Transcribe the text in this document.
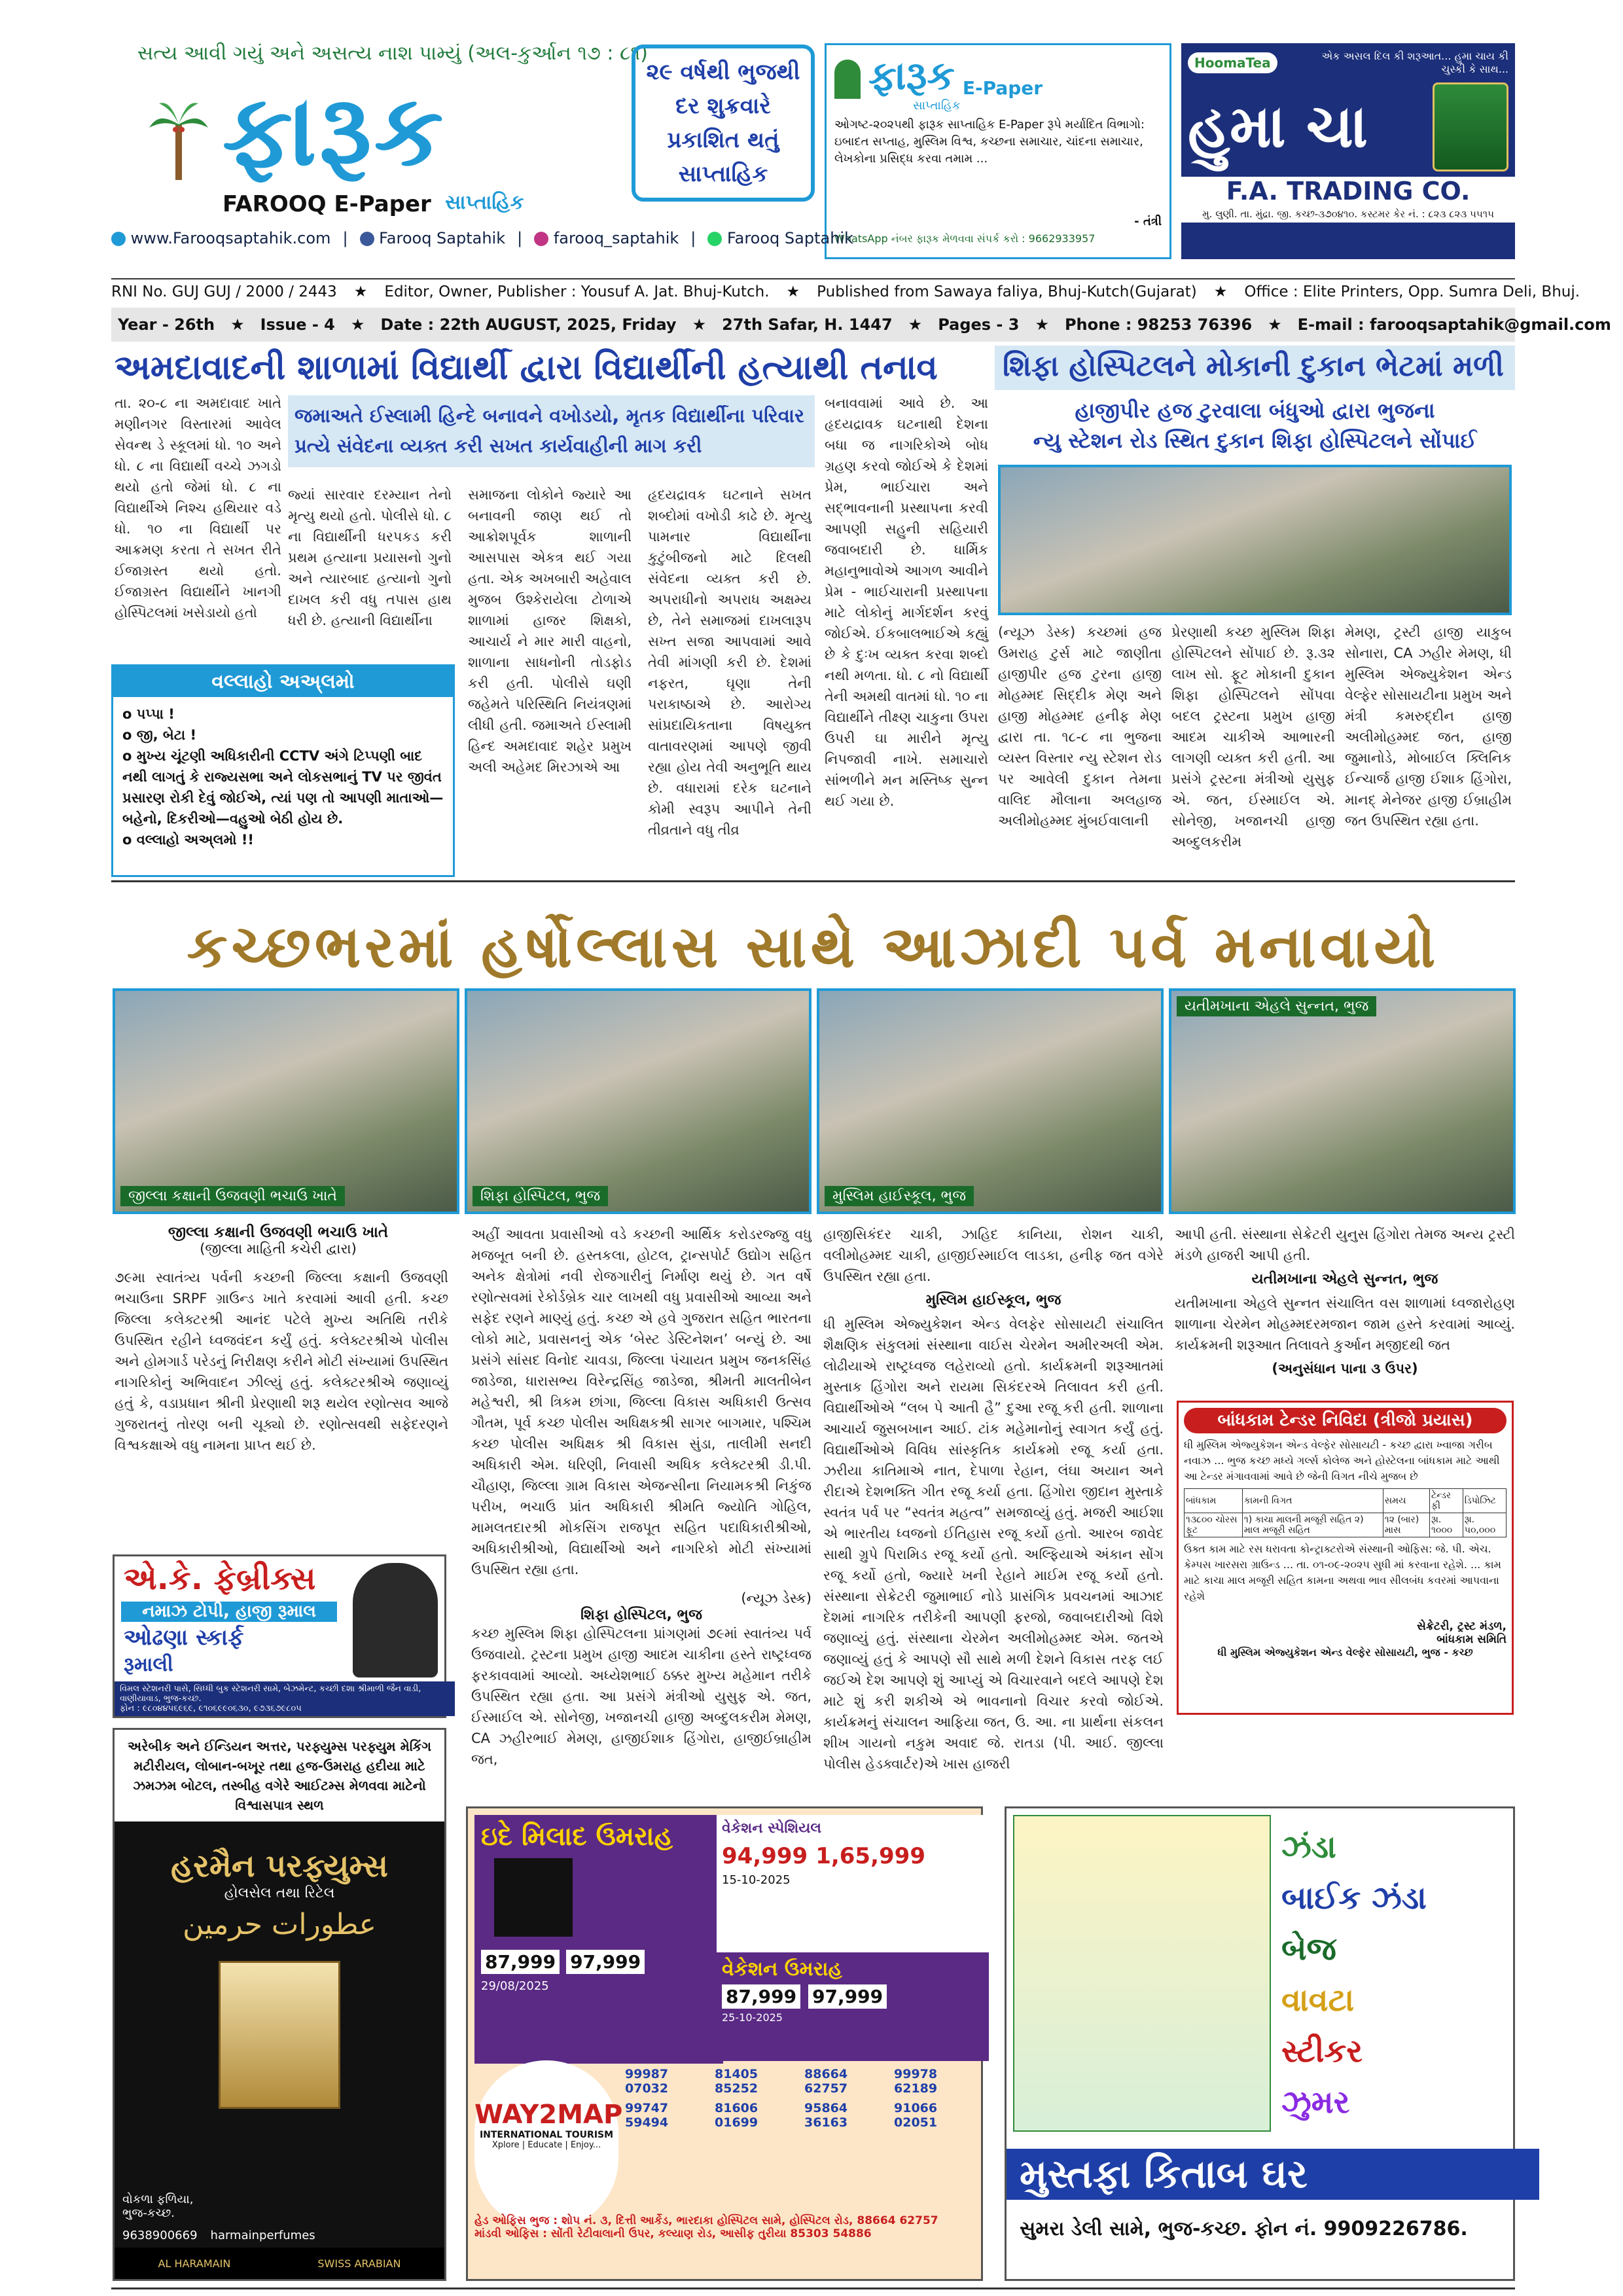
સત્ય આવી ગયું અને અસત્ય નાશ પામ્યું (અલ-કુર્આન ૧૭ : ૮૧)
ફારૂક
FAROOQ E-Paper સાપ્તાહિક
૨૯ વર્ષથી ભુજથી દર શુક્રવારે પ્રકાશિત થતું સાપ્તાહિક
ફારૂક E-Paper
સાપ્તાહિક
ઓગષ્ટ-૨૦૨૫થી ફારૂક સાપ્તાહિક E-Paper રૂપે મર્યાદિત વિભાગો: ઇબાદત સપ્તાહ, મુસ્લિમ વિશ્વ, કચ્છના સમાચાર, ચાંદના સમાચાર, લેખકોના પ્રસિદ્ધ કરવા તમામ ...
- તંત્રી
WhatsApp નંબર ફારૂક મેળવવા સંપર્ક કરો : 9662933957
HoomaTea	એક અસલ દિલ કી શરૂઆત... હુમા ચાય કી ચુસ્કી કે સાથ...
હુમા ચા
F.A. TRADING CO.
મુ. લુણી. તા. મુંદ્રા. જી. કચ્છ-૩૭૦૪૧૦. કસ્ટમર કેર નં. : ૮૨૩ ૮૨૩ ૫૫૧૫
www.Farooqsaptahik.com |	Farooq Saptahik |	farooq_saptahik |	Farooq Saptahik
RNI No. GUJ GUJ / 2000 / 2443 ★ Editor, Owner, Publisher : Yousuf A. Jat. Bhuj-Kutch. ★ Published from Sawaya faliya, Bhuj-Kutch(Gujarat) ★ Office : Elite Printers, Opp. Sumra Deli, Bhuj.
Year - 26th ★ Issue - 4 ★ Date : 22th AUGUST, 2025, Friday ★ 27th Safar, H. 1447 ★ Pages - 3 ★ Phone : 98253 76396 ★ E-mail : farooqsaptahik@gmail.com
અમદાવાદની શાળામાં વિદ્યાર્થી દ્વારા વિદ્યાર્થીની હત્યાથી તનાવ
તા. ૨૦-૮ ના અમદાવાદ ખાતે મણીનગર વિસ્તારમાં આવેલ સેવન્થ ડે સ્કૂલમાં ધો. ૧૦ અને ધો. ૮ ના વિદ્યાર્થી વચ્ચે ઝગડો થયો હતો જેમાં ધો. ૮ ના વિદ્યાર્થીએ નિશ્ચ હથિયાર વડે ધો. ૧૦ ના વિદ્યાર્થી પર આક્રમણ કરતા તે સખત રીતે ઈજાગ્રસ્ત થયો હતો. ઈજાગ્રસ્ત વિદ્યાર્થીને ખાનગી હોસ્પિટલમાં ખસેડાયો હતો
જમાઅતે ઈસ્લામી હિન્દે બનાવને વખોડયો, મૃતક વિદ્યાર્થીના પરિવાર પ્રત્યે સંવેદના વ્યક્ત કરી સખત કાર્યવાહીની માગ કરી
જ્યાં સારવાર દરમ્યાન તેનો મૃત્યુ થયો હતો. પોલીસે ધો. ૮ ના વિદ્યાર્થીની ધરપકડ કરી પ્રથમ હત્યાના પ્રયાસનો ગુનો અને ત્યારબાદ હત્યાનો ગુનો દાખલ કરી વધુ તપાસ હાથ ધરી છે. હત્યાની વિદ્યાર્થીના
સમાજના લોકોને જ્યારે આ બનાવની જાણ થઈ તો આક્રોશપૂર્વક શાળાની આસપાસ એકત્ર થઈ ગયા હતા. એક અખબારી અહેવાલ મુજબ ઉશ્કેરાયેલા ટોળાએ શાળામાં હાજર શિક્ષકો, આચાર્ય ને માર મારી વાહનો, શાળાના સાધનોની તોડફોડ કરી હતી. પોલીસે ઘણી જહેમતે પરિસ્થિતિ નિયંત્રણમાં લીધી હતી. જમાઅતે ઈસ્લામી હિન્દ અમદાવાદ શહેર પ્રમુખ અલી અહેમદ મિરઝાએ આ
હૃદયદ્રાવક ઘટનાને સખત શબ્દોમાં વખોડી કાઢે છે. મૃત્યુ પામનાર વિદ્યાર્થીના કુટુંબીજનો માટે દિલથી સંવેદના વ્યક્ત કરી છે. અપરાધીનો અપરાધ અક્ષમ્ય છે, તેને સમાજમાં દાખલારૂપ સખ્ત સજા આપવામાં આવે તેવી માંગણી કરી છે. દેશમાં નફરત, ઘૃણા તેની પરાકાષ્ઠાએ છે. આરોગ્ય સાંપ્રદાયિકતાના વિષયુક્ત વાતાવરણમાં આપણે જીવી રહ્યા હોય તેવી અનુભૂતિ થાય છે. વધારામાં દરેક ઘટનાને કોમી સ્વરૂપ આપીને તેની તીવ્રતાને વધુ તીવ્ર
બનાવવામાં આવે છે. આ હૃદયદ્રાવક ઘટનાથી દેશના બધા જ નાગરિકોએ બોધ ગ્રહણ કરવો જોઈએ કે દેશમાં પ્રેમ, ભાઈચારા અને સદ્ભાવનાની પ્રસ્થાપના કરવી આપણી સહુની સહિયારી જવાબદારી છે. ધાર્મિક મહાનુભાવોએ આગળ આવીને પ્રેમ - ભાઈચારાની પ્રસ્થાપના માટે લોકોનું માર્ગદર્શન કરવું જોઈએ. ઈકબાલભાઈએ કહ્યું છે કે દુઃખ વ્યક્ત કરવા શબ્દો નથી મળતા. ધો. ૮ નો વિદ્યાર્થી તેની અમથી વાતમાં ધો. ૧૦ ના વિદ્યાર્થીને તીક્ષ્ણ ચાકુના ઉપરા ઉપરી ઘા મારીને મૃત્યુ નિપજાવી નાખે. સમાચારો સાંભળીને મન મસ્તિષ્ક સુન્ન થઈ ગયા છે.
વલ્લાહો અઅ્લમો
o પપ્પા !
o જી, બેટા !
o મુખ્ય ચૂંટણી અધિકારીની CCTV અંગે ટિપ્પણી બાદ નથી લાગતું કે રાજ્યસભા અને લોકસભાનું TV પર જીવંત પ્રસારણ રોકી દેવું જોઈએ, ત્યાં પણ તો આપણી માતાઓ—બહેનો, દિકરીઓ—વહુઓ બેઠી હોય છે.
o વલ્લાહો અઅ્લમો !!
શિફા હોસ્પિટલને મોકાની દુકાન ભેટમાં મળી
હાજીપીર હજ ટુરવાલા બંધુઓ દ્વારા ભુજના
ન્યુ સ્ટેશન રોડ સ્થિત દુકાન શિફા હોસ્પિટલને સોંપાઈ
(ન્યૂઝ ડેસ્ક) કચ્છમાં હજ ઉમરાહ ટુર્સ માટે જાણીતા હાજીપીર હજ ટુરના હાજી મોહમ્મદ સિદ્દીક મેણ અને હાજી મોહમ્મદ હનીફ મેણ દ્વારા તા. ૧૮-૮ ના ભુજના વ્યસ્ત વિસ્તાર ન્યુ સ્ટેશન રોડ પર આવેલી દુકાન તેમના વાલિદ મૌલાના અલહાજ અલીમોહમ્મદ મુંબઈવાલાની
પ્રેરણાથી કચ્છ મુસ્લિમ શિફા હોસ્પિટલને સોંપાઈ છે. રૂ.૩૨ લાખ સો. ફૂટ મોકાની દુકાન શિફા હોસ્પિટલને સોંપવા બદલ ટ્રસ્ટના પ્રમુખ હાજી આદમ ચાકીએ આભારની લાગણી વ્યક્ત કરી હતી. આ પ્રસંગે ટ્રસ્ટના મંત્રીઓ યુસુફ એ. જત, ઈસ્માઈલ એ. સોનેજી, ખજાનચી હાજી અબ્દુલકરીમ
મેમણ, ટ્રસ્ટી હાજી યાકુબ સોનારા, CA ઝહીર મેમણ, ધી મુસ્લિમ એજ્યુકેશન એન્ડ વેલ્ફેર સોસાયટીના પ્રમુખ અને મંત્રી કમરુદ્દીન હાજી અલીમોહમ્મદ જત, હાજી જુમાનોડે, મોબાઈલ ક્લિનિક ઈન્ચાર્જ હાજી ઈશાક હિંગોરા, માનદ્ મેનેજર હાજી ઈબ્રાહીમ જત ઉપસ્થિત રહ્યા હતા.
કચ્છભરમાં હર્ષોલ્લાસ સાથે આઝાદી પર્વ મનાવાયો
જીલ્લા કક્ષાની ઉજવણી ભચાઉ ખાતે	શિફા હોસ્પિટલ, ભુજ	મુસ્લિમ હાઈસ્કૂલ, ભુજ
યતીમખાના એહલે સુન્નત, ભુજ
જીલ્લા કક્ષાની ઉજવણી ભચાઉ ખાતે
(જીલ્લા માહિતી કચેરી દ્વારા)
૭૯મા સ્વાતંત્ર્ય પર્વની કચ્છની જિલ્લા કક્ષાની ઉજવણી ભચાઉના SRPF ગ્રાઉન્ડ ખાતે કરવામાં આવી હતી. કચ્છ જિલ્લા કલેક્ટરશ્રી આનંદ પટેલે મુખ્ય અતિથિ તરીકે ઉપસ્થિત રહીને ધ્વજવંદન કર્યું હતું. કલેક્ટરશ્રીએ પોલીસ અને હોમગાર્ડ પરેડનું નિરીક્ષણ કરીને મોટી સંખ્યામાં ઉપસ્થિત નાગરિકોનું અભિવાદન ઝીલ્યું હતું. કલેક્ટરશ્રીએ જણાવ્યું હતું કે, વડાપ્રધાન શ્રીની પ્રેરણાથી શરૂ થયેલ રણોત્સવ આજે ગુજરાતનું તોરણ બની ચૂક્યો છે. રણોત્સવથી સફેદરણને વિશ્વકક્ષાએ વધુ નામના પ્રાપ્ત થઈ છે.
અહીં આવતા પ્રવાસીઓ વડે કચ્છની આર્થિક કરોડરજ્જુ વધુ મજબૂત બની છે. હસ્તકલા, હોટલ, ટ્રાન્સપોર્ટ ઉદ્યોગ સહિત અનેક ક્ષેત્રોમાં નવી રોજગારીનું નિર્માણ થયું છે. ગત વર્ષે રણોત્સવમાં રેકોર્ડબ્રેક ચાર લાખથી વધુ પ્રવાસીઓ આવ્યા અને સફેદ રણને માણ્યું હતું. કચ્છ એ હવે ગુજરાત સહિત ભારતના લોકો માટે, પ્રવાસનનું એક ‘બેસ્ટ ડેસ્ટિનેશન’ બન્યું છે. આ પ્રસંગે સાંસદ વિનોદ ચાવડા, જિલ્લા પંચાયત પ્રમુખ જનકસિંહ જાડેજા, ધારાસભ્ય વિરેન્દ્રસિંહ જાડેજા, શ્રીમતી માલતીબેન મહેશ્વરી, શ્રી ત્રિકમ છાંગા, જિલ્લા વિકાસ અધિકારી ઉત્સવ ગૌતમ, પૂર્વ કચ્છ પોલીસ અધિક્ષકશ્રી સાગર બાગમાર, પશ્ચિમ કચ્છ પોલીસ અધિક્ષક શ્રી વિકાસ સુંડા, તાલીમી સનદી અધિકારી એમ. ધરિણી, નિવાસી અધિક કલેક્ટરશ્રી ડી.પી. ચૌહાણ, જિલ્લા ગ્રામ વિકાસ એજન્સીના નિયામકશ્રી નિકુંજ પરીખ, ભચાઉ પ્રાંત અધિકારી શ્રીમતિ જ્યોતિ ગોહિલ, મામલતદારશ્રી મોકસિંગ રાજપૂત સહિત પદાધિકારીશ્રીઓ, અધિકારીશ્રીઓ, વિદ્યાર્થીઓ અને નાગરિકો મોટી સંખ્યામાં ઉપસ્થિત રહ્યા હતા.
(ન્યૂઝ ડેસ્ક)
શિફા હોસ્પિટલ, ભુજ
કચ્છ મુસ્લિમ શિફા હોસ્પિટલના પ્રાંગણમાં ૭૯માં સ્વાતંત્ર્ય પર્વ ઉજવાયો. ટ્રસ્ટના પ્રમુખ હાજી આદમ ચાકીના હસ્તે રાષ્ટ્રધ્વજ ફરકાવવામાં આવ્યો. અધ્યેશભાઈ ઠક્કર મુખ્ય મહેમાન તરીકે ઉપસ્થિત રહ્યા હતા. આ પ્રસંગે મંત્રીઓ યુસુફ એ. જત, ઈસ્માઈલ એ. સોનેજી, ખજાનચી હાજી અબ્દુલકરીમ મેમણ, CA ઝહીરભાઈ મેમણ, હાજીઈશાક હિંગોરા, હાજીઈબ્રાહીમ જત,
હાજીસિકંદર ચાકી, ઝાહિદ કાનિયા, રોશન ચાકી, વલીમોહમ્મદ ચાકી, હાજીઈસ્માઈલ લાડકા, હનીફ જત વગેરે ઉપસ્થિત રહ્યા હતા.
મુસ્લિમ હાઈસ્કૂલ, ભુજ
ધી મુસ્લિમ એજ્યુકેશન એન્ડ વેલફેર સોસાયટી સંચાલિત શૈક્ષણિક સંકુલમાં સંસ્થાના વાઈસ ચેરમેન અમીરઅલી એમ. લોઢીયાએ રાષ્ટ્રધ્વજ લહેરાવ્યો હતો. કાર્યક્રમની શરૂઆતમાં મુસ્તાક હિંગોરા અને રાયમા સિકંદરએ તિલાવત કરી હતી. વિદ્યાર્થીઓએ “લબ પે આતી હૈ” દુઆ રજૂ કરી હતી. શાળાના આચાર્ય જુસબખાન આઈ. ટાંક મહેમાનોનું સ્વાગત કર્યું હતું. વિદ્યાર્થીઓએ વિવિધ સાંસ્કૃતિક કાર્યક્રમો રજૂ કર્યા હતા. ઝરીયા કાતિમાએ નાત, દેપાળા રેહાન, લંઘા અયાન અને રીદાએ દેશભક્તિ ગીત રજૂ કર્યા હતા. હિંગોરા જીદાન મુસ્તાકે સ્વતંત્ર પર્વ પર “સ્વતંત્ર મહત્વ” સમજાવ્યું હતું. મજરી આઈશા એ ભારતીય ધ્વજનો ઈતિહાસ રજૂ કર્યો હતો. આરબ જાવેદ સાથી ગ્રુપે પિરામિડ રજૂ કર્યો હતો. અલ્ફિયાએ અંકાન સોંગ રજૂ કર્યો હતો, જ્યારે ખની રેહાને માઈમ રજૂ કર્યો હતો. સંસ્થાના સેક્રેટરી જુમાભાઈ નોડે પ્રાસંગિક પ્રવચનમાં આઝાદ દેશમાં નાગરિક તરીકેની આપણી ફરજો, જવાબદારીઓ વિશે જણાવ્યું હતું. સંસ્થાના ચેરમેન અલીમોહમ્મદ એમ. જતએ જણાવ્યું હતું કે આપણે સૌ સાથે મળી દેશને વિકાસ તરફ લઈ જઈએ દેશ આપણે શું આપ્યું એ વિચારવાને બદલે આપણે દેશ માટે શું કરી શકીએ એ ભાવનાનો વિચાર કરવો જોઈએ. કાર્યક્રમનું સંચાલન આફિયા જત, ઉ. આ. ના પ્રાર્થના સંકલન શીખ ગાયનો નકુમ અવાદ જે. રાતડા (પી. આઈ. જીલ્લા પોલીસ હેડક્વાર્ટર)એ ખાસ હાજરી
આપી હતી. સંસ્થાના સેક્રેટરી યુનુસ હિંગોરા તેમજ અન્ય ટ્રસ્ટી મંડળે હાજરી આપી હતી.
યતીમખાના એહલે સુન્નત, ભુજ
યતીમખાના એહલે સુન્નત સંચાલિત વસ શાળામાં ધ્વજારોહણ શાળાના ચેરમેન મોહમ્મદરમજાન જામ હસ્તે કરવામાં આવ્યું. કાર્યક્રમની શરૂઆત તિલાવતે કુર્આન મજીદથી જત
(અનુસંધાન પાના ૩ ઉપર)
બાંધકામ ટેન્ડર નિવિદા (ત્રીજો પ્રયાસ)
ધી મુસ્લિમ એજ્યુકેશન એન્ડ વેલ્ફેર સોસાયટી - કચ્છ દ્વારા ખ્વાજા ગરીબ નવાઝ ... ભુજ કચ્છ મધ્યે ગર્લ્સ કોલેજ અને હોસ્ટેલના બાંધકામ માટે આથી આ ટેન્ડર મંગાવવામાં આવે છે જેની વિગત નીચે મુજબ છે
બાંધકામ	કામની વિગત	સમય	ટેન્ડર ફી	ડિપોઝિટ
૧૩૮૦૦ ચોરસ ફૂટ	૧) કાચા માલની મજૂરી સહિત ૨) માલ મજૂરી સહિત	૧૨ (બાર) માસ	રૂા. ૧૦૦૦	રૂા. ૫૦,૦૦૦
ઉક્ત કામ માટે રસ ધરાવતા કોન્ટ્રાક્ટરોએ સંસ્થાની ઓફિસ: જે. પી. એચ. કેમ્પસ ખારસરા ગ્રાઉન્ડ ... તા. ૦૧-૦૯-૨૦૨૫ સુધી માં કરવાના રહેશે. ... કામ માટે કાચા માલ મજૂરી સહિત કામના અથવા ભાવ સીલબંધ કવરમાં આપવાના રહેશે
સેક્રેટરી, ટ્રસ્ટ મંડળ,
બાંધકામ સમિતિ
ધી મુસ્લિમ એજ્યુકેશન એન્ડ વેલ્ફેર સોસાયટી, ભુજ - કચ્છ
એ.કે. ફેબ્રીક્સ
નમાઝ ટોપી, હાજી રૂમાલ
ઓઢણા સ્કાર્ફ
રૂમાલી
વિમલ સ્ટેશનરી પાસે, સિધ્ધી બુક સ્ટેશનરી સામે, બેઝમેન્ટ, કચ્છી દશા શ્રીમાળી જૈન વાડી, વાણીયાવાડ, ભુજ-કચ્છ.
ફોન : ૯૮૦૪૪૫૬૯૬૯, ૯૧૦૬૯૯૦૬૩૦, ૯૭૩૬૭૯૮૦૫
અરેબીક અને ઈન્ડિયન અત્તર, પરફ્યુમ્સ પરફ્યુમ મેકિંગ મટીરીયલ, લોબાન-બખૂર તથા હજ-ઉમરાહ હદીયા માટે ઝમઝમ બોટલ, તસ્બીહ વગેરે આઈટમ્સ મેળવવા માટેનો વિશ્વાસપાત્ર સ્થળ
હરમૈન પરફ્યુમ્સ
હોલસેલ તથા રિટેલ
عطورات حرمين
વોકળા ફળિયા, ભુજ-કચ્છ.
9638900669 harmainperfumes
AL HARAMAIN	SWISS ARABIAN
ઇદે મિલાદ ઉમરાહ
87,999 97,999
29/08/2025
વેકેશન સ્પેશિયલ
94,999 1,65,999
15-10-2025
વેકેશન ઉમરાહ
87,999 97,999
25-10-2025
WAY2MAP
INTERNATIONAL TOURISM
Xplore | Educate | Enjoy...
99987 07032
81405 85252
88664 62757
99978 62189
99747 59494
81606 01699
95864 36163
91066 02051
હેડ ઓફિસ ભુજ : શોપ નં. ૩, દિત્તી આર્કેડ, ભારદાકા હોસ્પિટલ સામે, હોસ્પિટલ રોડ, 88664 62757
માંડવી ઓફિસ : સોંતી રેટીવાલાની ઉપર, કલ્યાણ રોડ, આસીફ તુરીયા 85303 54886
ઝંડા
બાઈક ઝંડા
બેજ
વાવટા
સ્ટીકર
ઝુમર
મુસ્તફા કિતાબ ઘર
સુમરા ડેલી સામે, ભુજ-કચ્છ. ફોન નં. 9909226786.
